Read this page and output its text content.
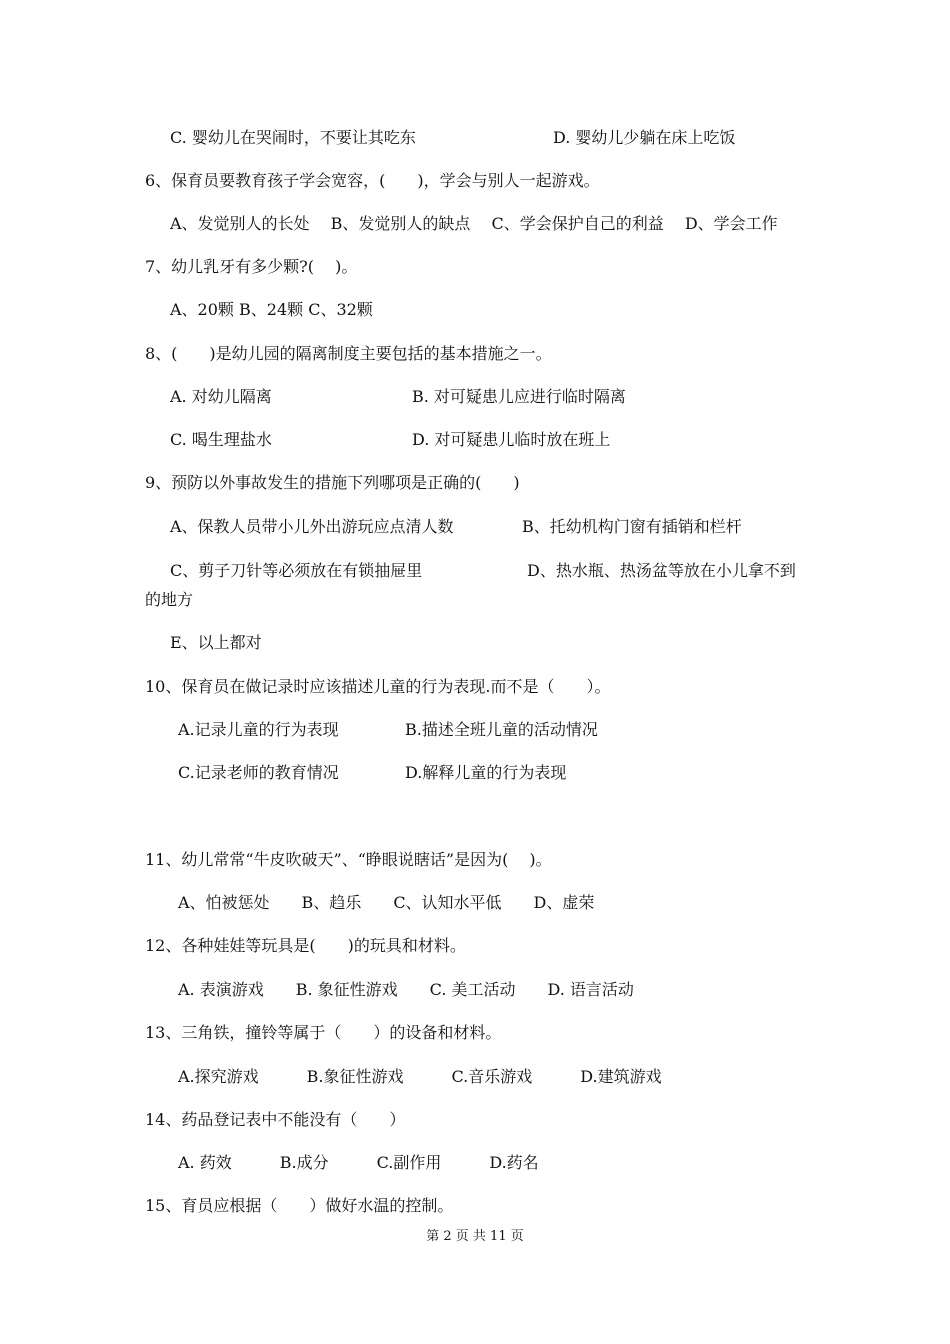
C. 婴幼儿在哭闹时，不要让其吃东	D. 婴幼儿少躺在床上吃饭
6、保育员要教育孩子学会宽容，(　　)，学会与别人一起游戏。
A、发觉别人的长处　 B、发觉别人的缺点　 C、学会保护自己的利益　 D、学会工作
7、幼儿乳牙有多少颗?(　 )。
A、20颗 B、24颗 C、32颗
8、(　　)是幼儿园的隔离制度主要包括的基本措施之一。
A. 对幼儿隔离	B. 对可疑患儿应进行临时隔离
C. 喝生理盐水	D. 对可疑患儿临时放在班上
9、预防以外事故发生的措施下列哪项是正确的(　　)
A、保教人员带小儿外出游玩应点清人数	B、托幼机构门窗有插销和栏杆
C、剪子刀针等必须放在有锁抽屉里	D、热水瓶、热汤盆等放在小儿拿不到
的地方
E、以上都对
10、保育员在做记录时应该描述儿童的行为表现.而不是（　　）。
A.记录儿童的行为表现	B.描述全班儿童的活动情况
C.记录老师的教育情况	D.解释儿童的行为表现
11、幼儿常常“牛皮吹破天”、“睁眼说瞎话”是因为(　 )。
A、怕被惩处　　B、趋乐　　C、认知水平低　　D、虚荣
12、各种娃娃等玩具是(　　)的玩具和材料。
A. 表演游戏　　B. 象征性游戏　　C. 美工活动　　D. 语言活动
13、三角铁，撞铃等属于（　　）的设备和材料。
A.探究游戏　　　B.象征性游戏　　　C.音乐游戏　　　D.建筑游戏
14、药品登记表中不能没有（　　）
A. 药效　　　B.成分　　　C.副作用　　　D.药名
15、育员应根据（　　）做好水温的控制。
第 2 页 共 11 页
